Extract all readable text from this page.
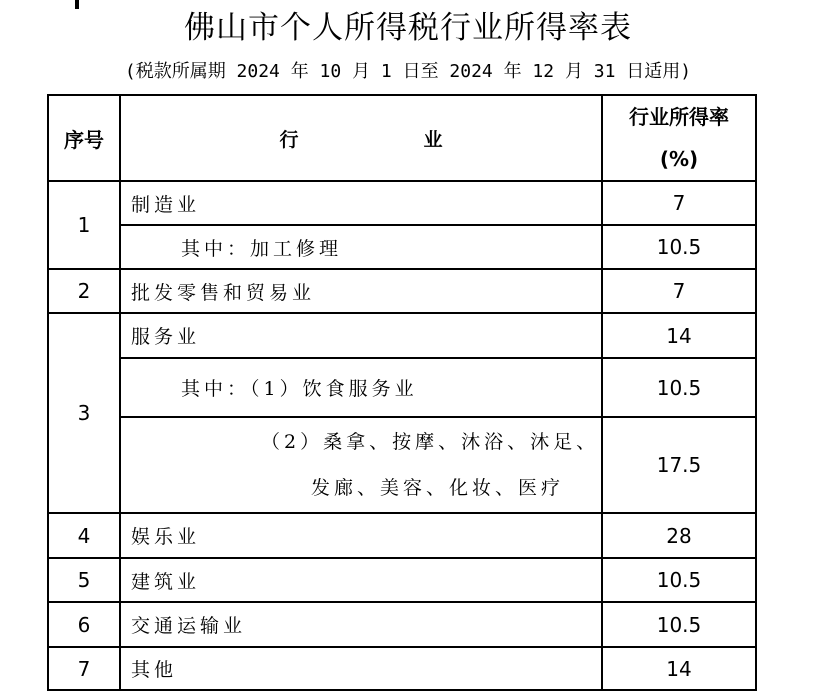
佛山市个人所得税行业所得率表
(税款所属期 2024 年 10 月 1 日至 2024 年 12 月 31 日适用)
序号	行 业	行业所得率
(%)

1	制造业	7

	其中：加工修理	10.5
2	批发零售和贸易业	7
3	服务业	14

	其中：（1）饮食服务业	10.5

	（2）桑拿、按摩、沐浴、沐足、
发廊、美容、化妆、医疗	17.5
4	娱乐业	28
5	建筑业	10.5
6	交通运输业	10.5
7	其他	14
